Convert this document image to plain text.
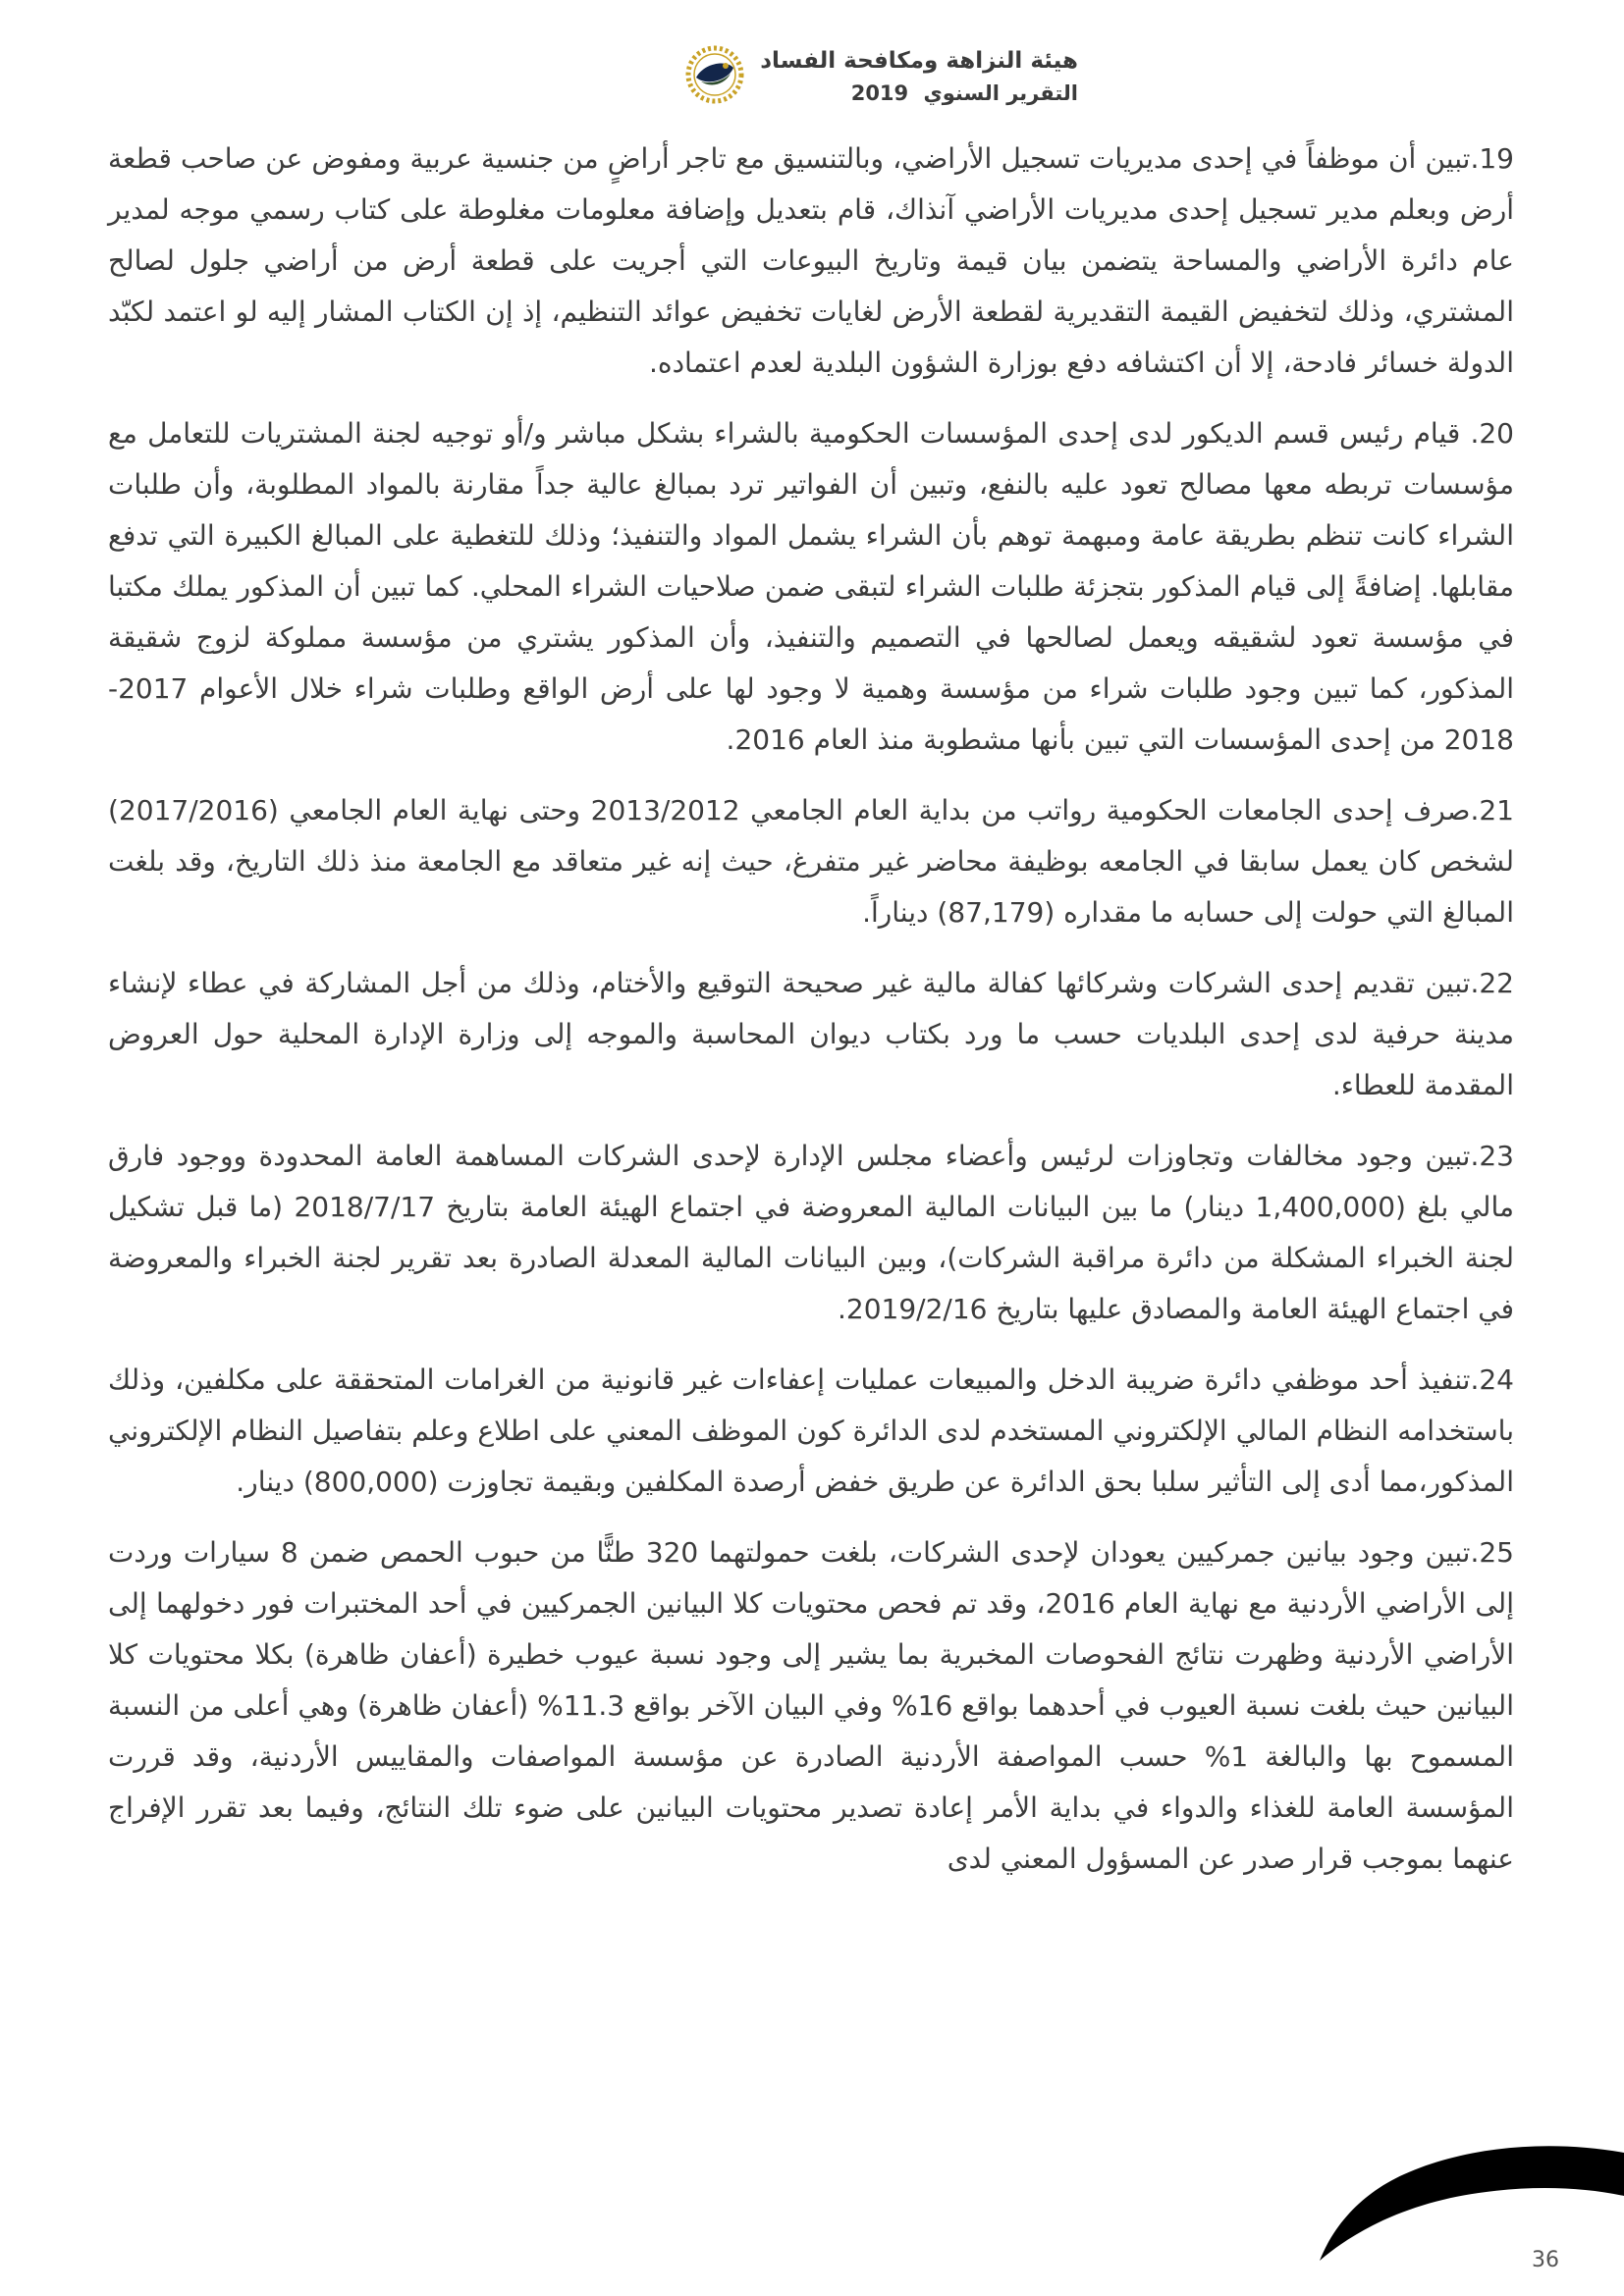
هيئة النزاهة ومكافحة الفساد
التقرير السنوي 2019

19.تبين أن موظفاً في إحدى مديريات تسجيل الأراضي، وبالتنسيق مع تاجر أراضٍ من جنسية عربية ومفوض عن صاحب قطعة أرض وبعلم مدير تسجيل إحدى مديريات الأراضي آنذاك، قام بتعديل وإضافة معلومات مغلوطة على كتاب رسمي موجه لمدير عام دائرة الأراضي والمساحة يتضمن بيان قيمة وتاريخ البيوعات التي أجريت على قطعة أرض من أراضي جلول لصالح المشتري، وذلك لتخفيض القيمة التقديرية لقطعة الأرض لغايات تخفيض عوائد التنظيم، إذ إن الكتاب المشار إليه لو اعتمد لكبّد الدولة خسائر فادحة، إلا أن اكتشافه دفع بوزارة الشؤون البلدية لعدم اعتماده.

20. قيام رئيس قسم الديكور لدى إحدى المؤسسات الحكومية بالشراء بشكل مباشر و/أو توجيه لجنة المشتريات للتعامل مع مؤسسات تربطه معها مصالح تعود عليه بالنفع، وتبين أن الفواتير ترد بمبالغ عالية جداً مقارنة بالمواد المطلوبة، وأن طلبات الشراء كانت تنظم بطريقة عامة ومبهمة توهم بأن الشراء يشمل المواد والتنفيذ؛ وذلك للتغطية على المبالغ الكبيرة التي تدفع مقابلها. إضافةً إلى قيام المذكور بتجزئة طلبات الشراء لتبقى ضمن صلاحيات الشراء المحلي. كما تبين أن المذكور يملك مكتبا في مؤسسة تعود لشقيقه ويعمل لصالحها في التصميم والتنفيذ، وأن المذكور يشتري من مؤسسة مملوكة لزوج شقيقة المذكور، كما تبين وجود طلبات شراء من مؤسسة وهمية لا وجود لها على أرض الواقع وطلبات شراء خلال الأعوام 2017-2018 من إحدى المؤسسات التي تبين بأنها مشطوبة منذ العام 2016.

21.صرف إحدى الجامعات الحكومية رواتب من بداية العام الجامعي 2013/2012 وحتى نهاية العام الجامعي (2017/2016) لشخص كان يعمل سابقا في الجامعه بوظيفة محاضر غير متفرغ، حيث إنه غير متعاقد مع الجامعة منذ ذلك التاريخ، وقد بلغت المبالغ التي حولت إلى حسابه ما مقداره (87,179) ديناراً.

22.تبين تقديم إحدى الشركات وشركائها كفالة مالية غير صحيحة التوقيع والأختام، وذلك من أجل المشاركة في عطاء لإنشاء مدينة حرفية لدى إحدى البلديات حسب ما ورد بكتاب ديوان المحاسبة والموجه إلى وزارة الإدارة المحلية حول العروض المقدمة للعطاء.

23.تبين وجود مخالفات وتجاوزات لرئيس وأعضاء مجلس الإدارة لإحدى الشركات المساهمة العامة المحدودة ووجود فارق مالي بلغ (1,400,000 دينار) ما بين البيانات المالية المعروضة في اجتماع الهيئة العامة بتاريخ 2018/7/17 (ما قبل تشكيل لجنة الخبراء المشكلة من دائرة مراقبة الشركات)، وبين البيانات المالية المعدلة الصادرة بعد تقرير لجنة الخبراء والمعروضة في اجتماع الهيئة العامة والمصادق عليها بتاريخ 2019/2/16.

24.تنفيذ أحد موظفي دائرة ضريبة الدخل والمبيعات عمليات إعفاءات غير قانونية من الغرامات المتحققة على مكلفين، وذلك باستخدامه النظام المالي الإلكتروني المستخدم لدى الدائرة كون الموظف المعني على اطلاع وعلم بتفاصيل النظام الإلكتروني المذكور،مما أدى إلى التأثير سلبا بحق الدائرة عن طريق خفض أرصدة المكلفين وبقيمة تجاوزت (800,000) دينار.

25.تبين وجود بيانين جمركيين يعودان لإحدى الشركات، بلغت حمولتهما 320 طنًّا من حبوب الحمص ضمن 8 سيارات وردت إلى الأراضي الأردنية مع نهاية العام 2016، وقد تم فحص محتويات كلا البيانين الجمركيين في أحد المختبرات فور دخولهما إلى الأراضي الأردنية وظهرت نتائج الفحوصات المخبرية بما يشير إلى وجود نسبة عيوب خطيرة (أعفان ظاهرة) بكلا محتويات كلا البيانين حيث بلغت نسبة العيوب في أحدهما بواقع 16% وفي البيان الآخر بواقع 11.3% (أعفان ظاهرة) وهي أعلى من النسبة المسموح بها والبالغة 1% حسب المواصفة الأردنية الصادرة عن مؤسسة المواصفات والمقاييس الأردنية، وقد قررت المؤسسة العامة للغذاء والدواء في بداية الأمر إعادة تصدير محتويات البيانين على ضوء تلك النتائج، وفيما بعد تقرر الإفراج عنهما بموجب قرار صدر عن المسؤول المعني لدى

36
